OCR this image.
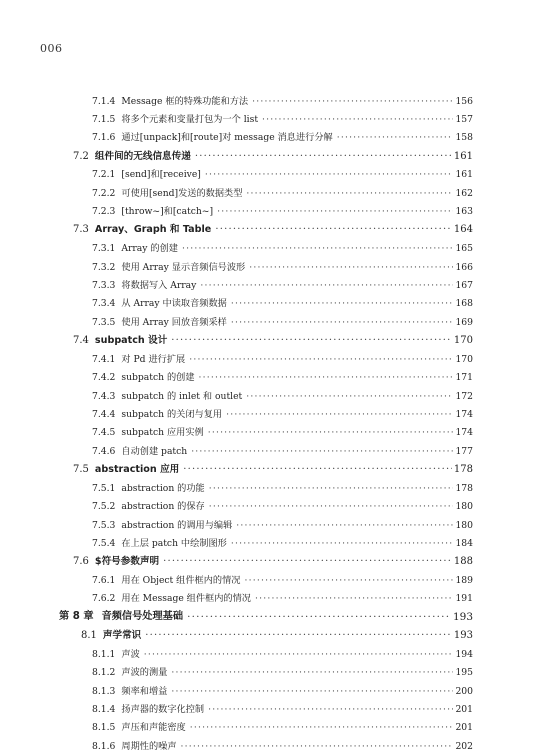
006
7.1.4 Message 框的特殊功能和方法 ·····	156
7.1.5 将多个元素和变量打包为一个 list ·····	157
7.1.6 通过[unpack]和[route]对 message 消息进行分解 ·····	158
7.2 组件间的无线信息传递 ·····	161
7.2.1 [send]和[receive] ·····	161
7.2.2 可使用[send]发送的数据类型 ·····	162
7.2.3 [throw~]和[catch~] ·····	163
7.3 Array、Graph 和 Table ·····	164
7.3.1 Array 的创建 ·····	165
7.3.2 使用 Array 显示音频信号波形 ·····	166
7.3.3 将数据写入 Array ·····	167
7.3.4 从 Array 中读取音频数据 ·····	168
7.3.5 使用 Array 回放音频采样 ·····	169
7.4 subpatch 设计 ·····	170
7.4.1 对 Pd 进行扩展 ·····	170
7.4.2 subpatch 的创建 ·····	171
7.4.3 subpatch 的 inlet 和 outlet ·····	172
7.4.4 subpatch 的关闭与复用 ·····	174
7.4.5 subpatch 应用实例 ·····	174
7.4.6 自动创建 patch ·····	177
7.5 abstraction 应用 ·····	178
7.5.1 abstraction 的功能 ·····	178
7.5.2 abstraction 的保存 ·····	180
7.5.3 abstraction 的调用与编辑 ·····	180
7.5.4 在上层 patch 中绘制图形 ·····	184
7.6 $符号参数声明 ·····	188
7.6.1 用在 Object 组件框内的情况 ·····	189
7.6.2 用在 Message 组件框内的情况 ·····	191
第 8 章 音频信号处理基础 ·····	193
8.1 声学常识 ·····	193
8.1.1 声波 ·····	194
8.1.2 声波的测量 ·····	195
8.1.3 频率和增益 ·····	200
8.1.4 扬声器的数字化控制 ·····	201
8.1.5 声压和声能密度 ·····	201
8.1.6 周期性的噪声 ·····	202
